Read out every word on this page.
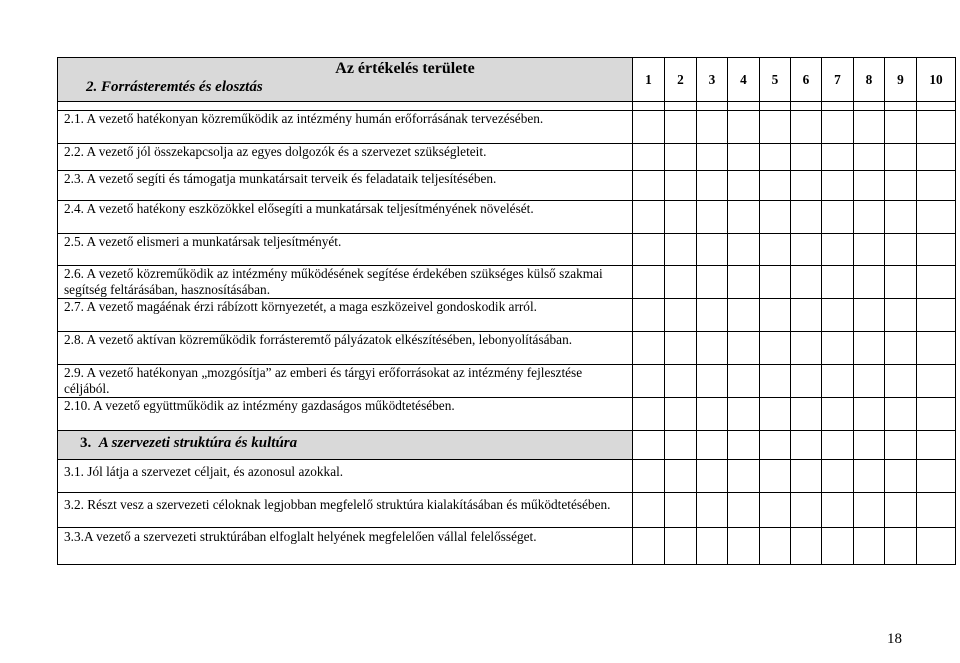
Az értékelés területe
2. Forrásteremtés és elosztás	1	2	3	4	5	6	7	8	9	10

2.1. A vezető hatékonyan közreműködik az intézmény humán erőforrásának tervezésében.										

2.2. A vezető jól összekapcsolja az egyes dolgozók és a szervezet szükségleteit.										

2.3. A vezető segíti és támogatja munkatársait terveik és feladataik teljesítésében.										

2.4. A vezető hatékony eszközökkel elősegíti a munkatársak teljesítményének növelését.										

2.5. A vezető elismeri a munkatársak teljesítményét.										

2.6. A vezető közreműködik az intézmény működésének segítése érdekében szükséges külső szakmai segítség feltárásában, hasznosításában.										

2.7. A vezető magáénak érzi rábízott környezetét, a maga eszközeivel gondoskodik arról.										

2.8. A vezető aktívan közreműködik forrásteremtő pályázatok elkészítésében, lebonyolításában.										

2.9. A vezető hatékonyan „mozgósítja” az emberi és tárgyi erőforrásokat az intézmény fejlesztése céljából.										

2.10. A vezető együttműködik az intézmény gazdaságos működtetésében.										

3. A szervezeti struktúra és kultúra										

3.1. Jól látja a szervezet céljait, és azonosul azokkal.										

3.2. Részt vesz a szervezeti céloknak legjobban megfelelő struktúra kialakításában és működtetésében.										

3.3.A vezető a szervezeti struktúrában elfoglalt helyének megfelelően vállal felelősséget.										

18
